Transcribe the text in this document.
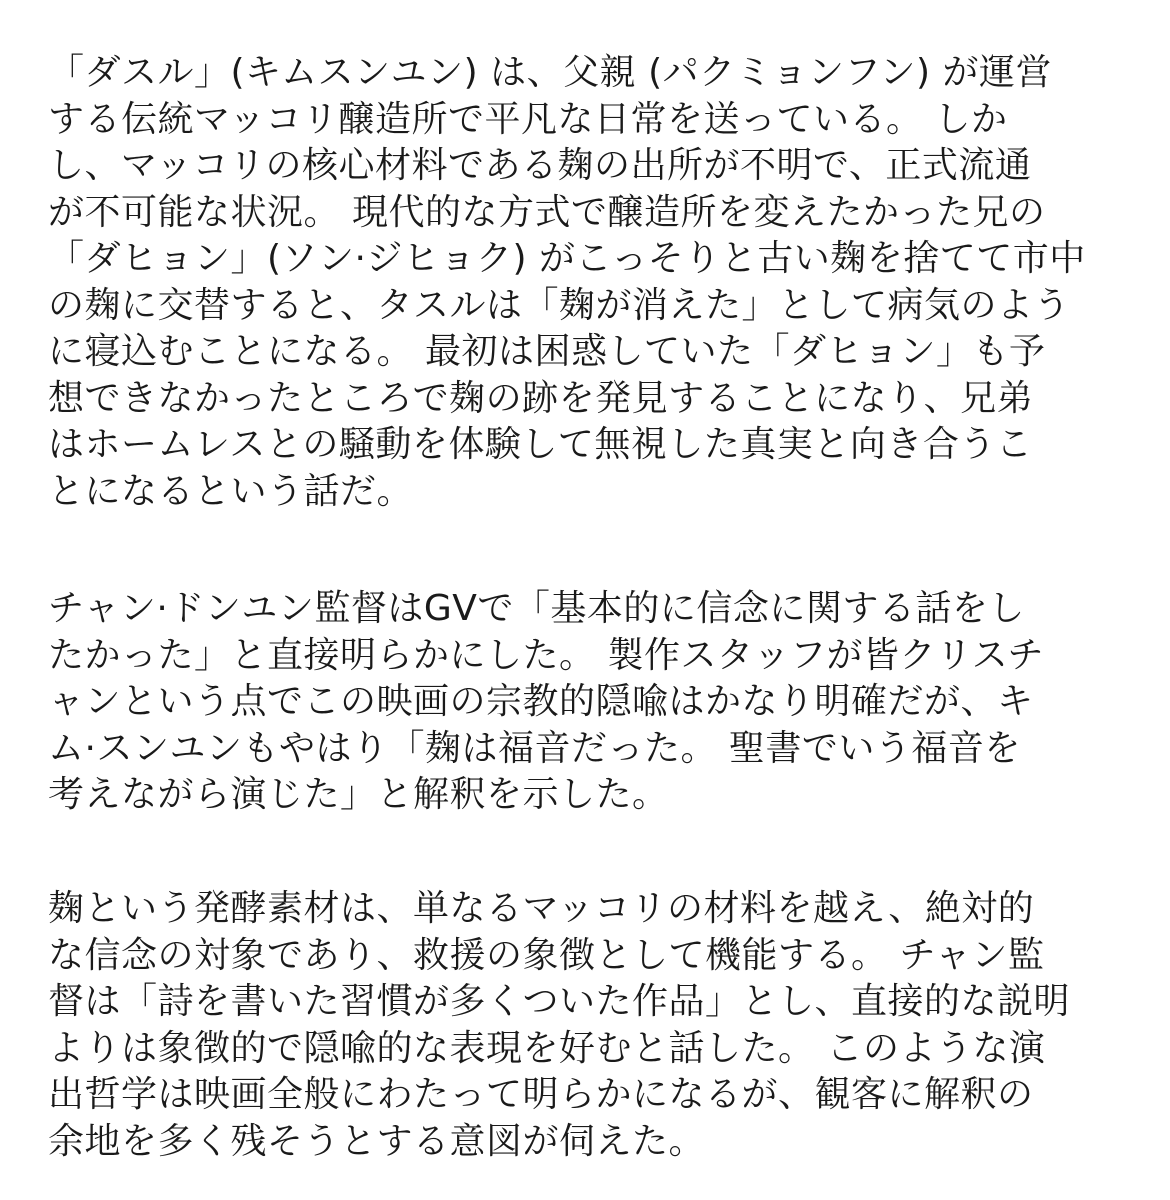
「ダスル」(キムスンユン) は、父親 (パクミョンフン) が運営
する伝統マッコリ醸造所で平凡な日常を送っている。 しか
し、マッコリの核心材料である麹の出所が不明で、正式流通
が不可能な状況。 現代的な方式で醸造所を変えたかった兄の
「ダヒョン」(ソン·ジヒョク) がこっそりと古い麹を捨てて市中
の麹に交替すると、タスルは「麹が消えた」として病気のよう
に寝込むことになる。 最初は困惑していた「ダヒョン」も予
想できなかったところで麹の跡を発見することになり、兄弟
はホームレスとの騒動を体験して無視した真実と向き合うこ
とになるという話だ。

チャン·ドンユン監督はGVで「基本的に信念に関する話をし
たかった」と直接明らかにした。 製作スタッフが皆クリスチ
ャンという点でこの映画の宗教的隠喩はかなり明確だが、キ
ム·スンユンもやはり「麹は福音だった。 聖書でいう福音を
考えながら演じた」と解釈を示した。

麹という発酵素材は、単なるマッコリの材料を越え、絶対的
な信念の対象であり、救援の象徴として機能する。 チャン監
督は「詩を書いた習慣が多くついた作品」とし、直接的な説明
よりは象徴的で隠喩的な表現を好むと話した。 このような演
出哲学は映画全般にわたって明らかになるが、観客に解釈の
余地を多く残そうとする意図が伺えた。
